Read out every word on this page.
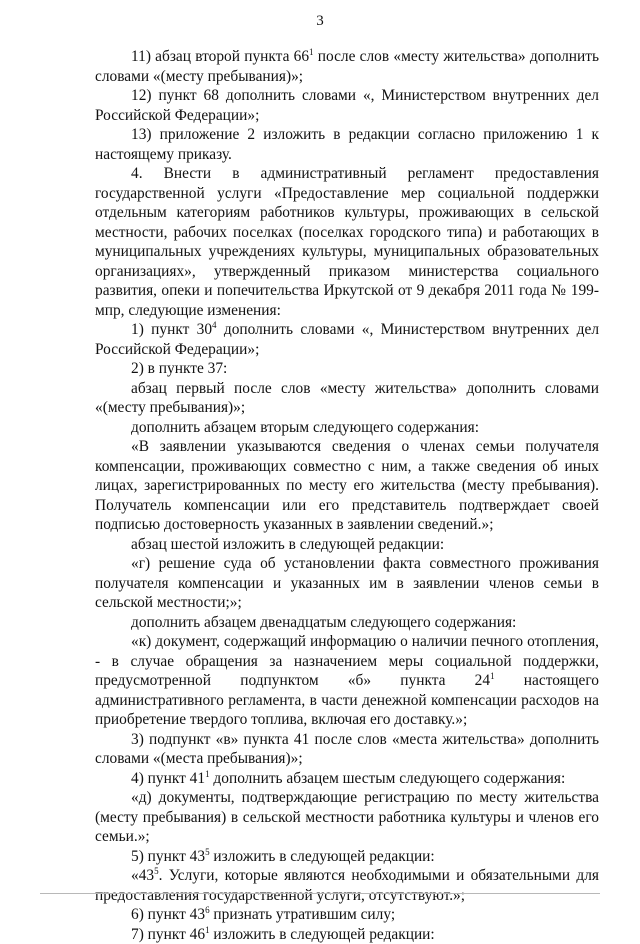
3

11) абзац второй пункта $66^1$ после слов «месту жительства» дополнить словами «(месту пребывания)»;

12) пункт 68 дополнить словами «, Министерством внутренних дел Российской Федерации»;

13) приложение 2 изложить в редакции согласно приложению 1 к настоящему приказу.

4. Внести в административный регламент предоставления государственной услуги «Предоставление мер социальной поддержки отдельным категориям работников культуры, проживающих в сельской местности, рабочих поселках (поселках городского типа) и работающих в муниципальных учреждениях культуры, муниципальных образовательных организациях», утвержденный приказом министерства социального развития, опеки и попечительства Иркутской от 9 декабря 2011 года № 199-мпр, следующие изменения:

1) пункт $30^4$ дополнить словами «, Министерством внутренних дел Российской Федерации»;

2) в пункте 37:

абзац первый после слов «месту жительства» дополнить словами «(месту пребывания)»;

дополнить абзацем вторым следующего содержания:

«В заявлении указываются сведения о членах семьи получателя компенсации, проживающих совместно с ним, а также сведения об иных лицах, зарегистрированных по месту его жительства (месту пребывания). Получатель компенсации или его представитель подтверждает своей подписью достоверность указанных в заявлении сведений.»;

абзац шестой изложить в следующей редакции:

«г) решение суда об установлении факта совместного проживания получателя компенсации и указанных им в заявлении членов семьи в сельской местности;»;

дополнить абзацем двенадцатым следующего содержания:

«к) документ, содержащий информацию о наличии печного отопления, - в случае обращения за назначением меры социальной поддержки, предусмотренной подпунктом «б» пункта $24^1$ настоящего административного регламента, в части денежной компенсации расходов на приобретение твердого топлива, включая его доставку.»;

3) подпункт «в» пункта 41 после слов «места жительства» дополнить словами «(места пребывания)»;

4) пункт $41^1$ дополнить абзацем шестым следующего содержания:

«д) документы, подтверждающие регистрацию по месту жительства (месту пребывания) в сельской местности работника культуры и членов его семьи.»;

5) пункт $43^5$ изложить в следующей редакции:

«$43^5$. Услуги, которые являются необходимыми и обязательными для предоставления государственной услуги, отсутствуют.»;

6) пункт $43^6$ признать утратившим силу;

7) пункт $46^1$ изложить в следующей редакции:
